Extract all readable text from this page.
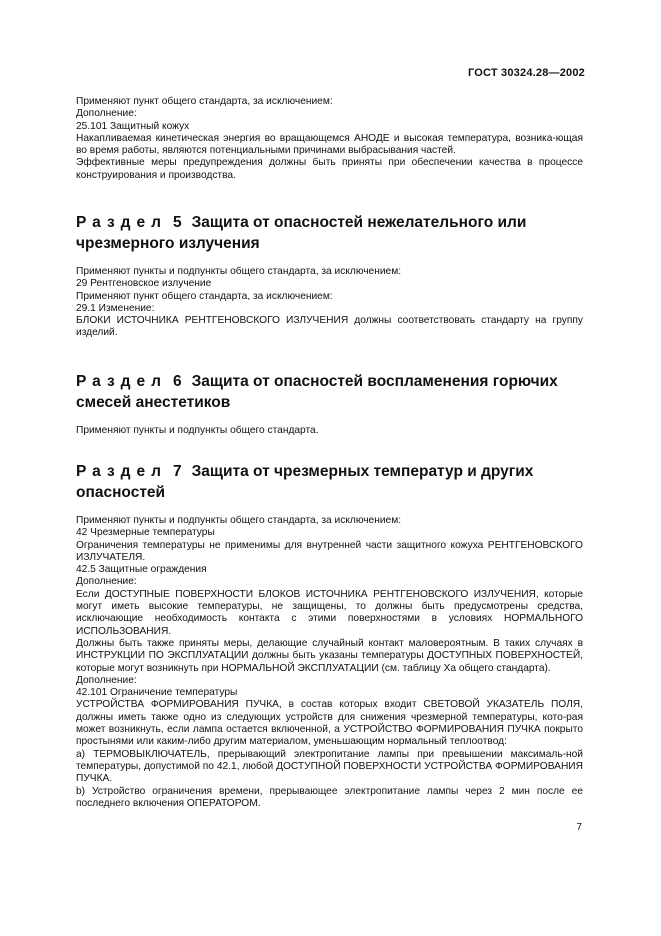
ГОСТ 30324.28—2002

Применяют пункт общего стандарта, за исключением:

Дополнение:

25.101 Защитный кожух

Накапливаемая кинетическая энергия во вращающемся АНОДЕ и высокая температура, возника-ющая во время работы, являются потенциальными причинами выбрасывания частей.

Эффективные меры предупреждения должны быть приняты при обеспечении качества в процессе конструирования и производства.

Раздел 5 Защита от опасностей нежелательного или чрезмерного излучения

Применяют пункты и подпункты общего стандарта, за исключением:

29 Рентгеновское излучение

Применяют пункт общего стандарта, за исключением:

29.1 Изменение:

БЛОКИ ИСТОЧНИКА РЕНТГЕНОВСКОГО ИЗЛУЧЕНИЯ должны соответствовать стандарту на группу изделий.

Раздел 6 Защита от опасностей воспламенения горючих смесей анестетиков

Применяют пункты и подпункты общего стандарта.

Раздел 7 Защита от чрезмерных температур и других опасностей

Применяют пункты и подпункты общего стандарта, за исключением:

42 Чрезмерные температуры

Ограничения температуры не применимы для внутренней части защитного кожуха РЕНТГЕНОВСКОГО ИЗЛУЧАТЕЛЯ.

42.5 Защитные ограждения

Дополнение:

Если ДОСТУПНЫЕ ПОВЕРХНОСТИ БЛОКОВ ИСТОЧНИКА РЕНТГЕНОВСКОГО ИЗЛУЧЕНИЯ, которые могут иметь высокие температуры, не защищены, то должны быть предусмотрены средства, исключающие необходимость контакта с этими поверхностями в условиях НОРМАЛЬНОГО ИСПОЛЬЗОВАНИЯ.

Должны быть также приняты меры, делающие случайный контакт маловероятным. В таких случаях в ИНСТРУКЦИИ ПО ЭКСПЛУАТАЦИИ должны быть указаны температуры ДОСТУПНЫХ ПОВЕРХНОСТЕЙ, которые могут возникнуть при НОРМАЛЬНОЙ ЭКСПЛУАТАЦИИ (см. таблицу Xa общего стандарта).

Дополнение:

42.101 Ограничение температуры

УСТРОЙСТВА ФОРМИРОВАНИЯ ПУЧКА, в состав которых входит СВЕТОВОЙ УКАЗАТЕЛЬ ПОЛЯ, должны иметь также одно из следующих устройств для снижения чрезмерной температуры, кото-рая может возникнуть, если лампа остается включенной, а УСТРОЙСТВО ФОРМИРОВАНИЯ ПУЧКА покрыто простынями или каким-либо другим материалом, уменьшающим нормальный теплоотвод:

a) ТЕРМОВЫКЛЮЧАТЕЛЬ, прерывающий электропитание лампы при превышении максималь-ной температуры, допустимой по 42.1, любой ДОСТУПНОЙ ПОВЕРХНОСТИ УСТРОЙСТВА ФОРМИРОВАНИЯ ПУЧКА.

b) Устройство ограничения времени, прерывающее электропитание лампы через 2 мин после ее последнего включения ОПЕРАТОРОМ.

7
